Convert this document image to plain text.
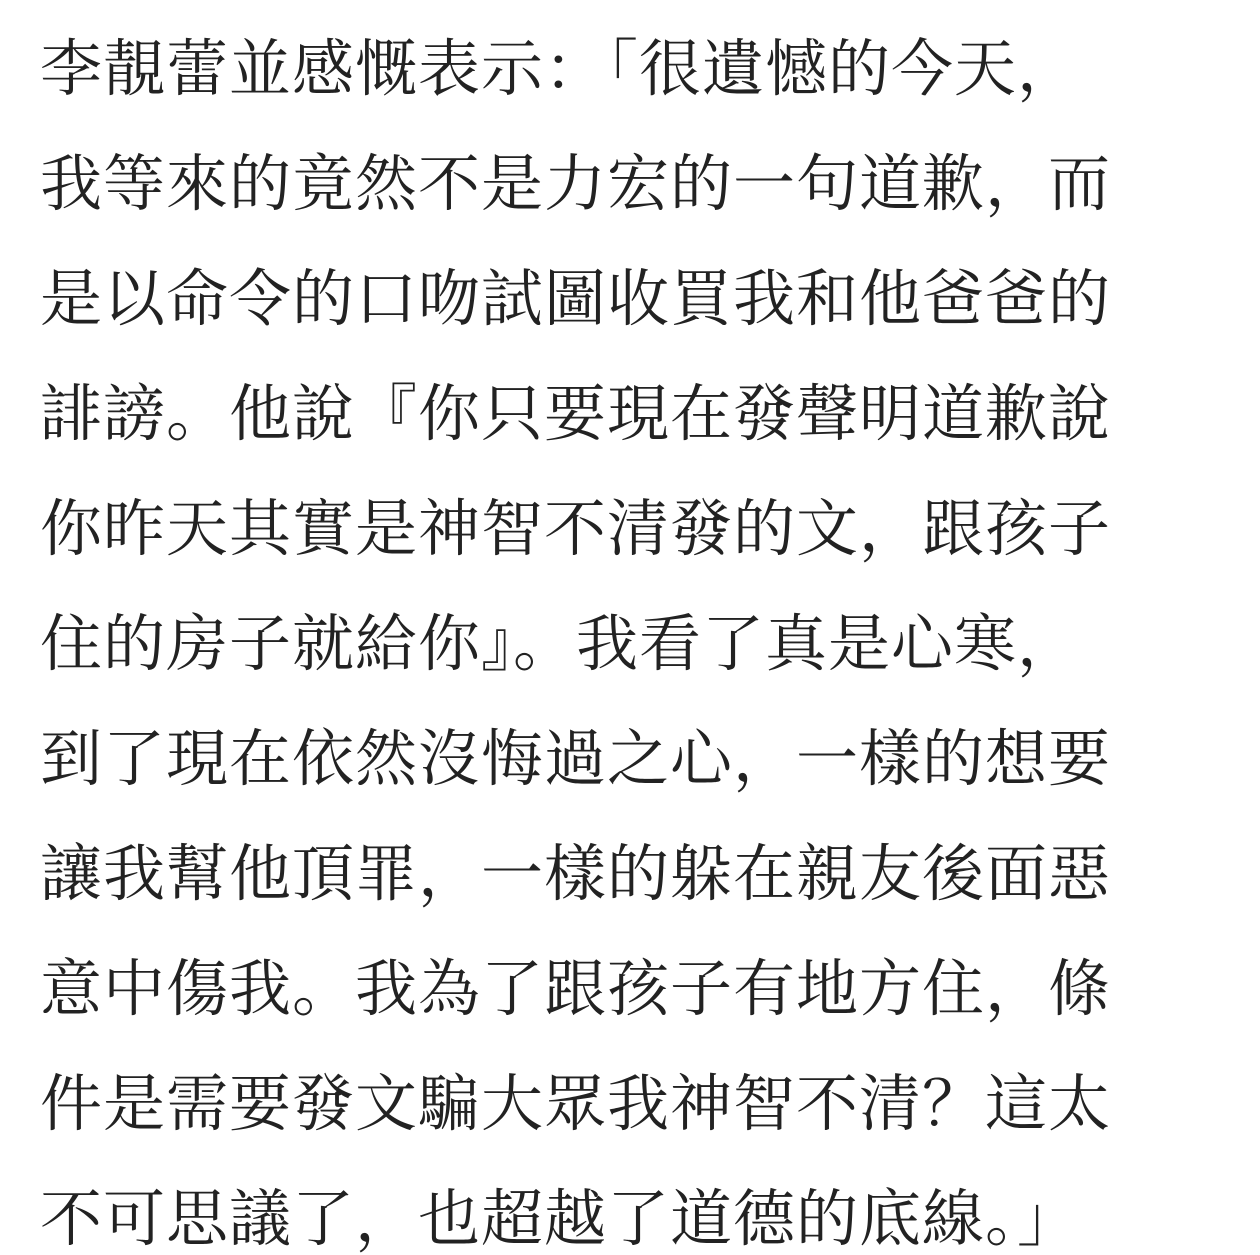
李靚蕾並感慨表示：「很遺憾的今天，
我等來的竟然不是力宏的一句道歉，而
是以命令的口吻試圖收買我和他爸爸的
誹謗。他說『你只要現在發聲明道歉說
你昨天其實是神智不清發的文，跟孩子
住的房子就給你』。我看了真是心寒，
到了現在依然沒悔過之心，一樣的想要
讓我幫他頂罪，一樣的躲在親友後面惡
意中傷我。我為了跟孩子有地方住，條
件是需要發文騙大眾我神智不清？這太
不可思議了，也超越了道德的底線。」
